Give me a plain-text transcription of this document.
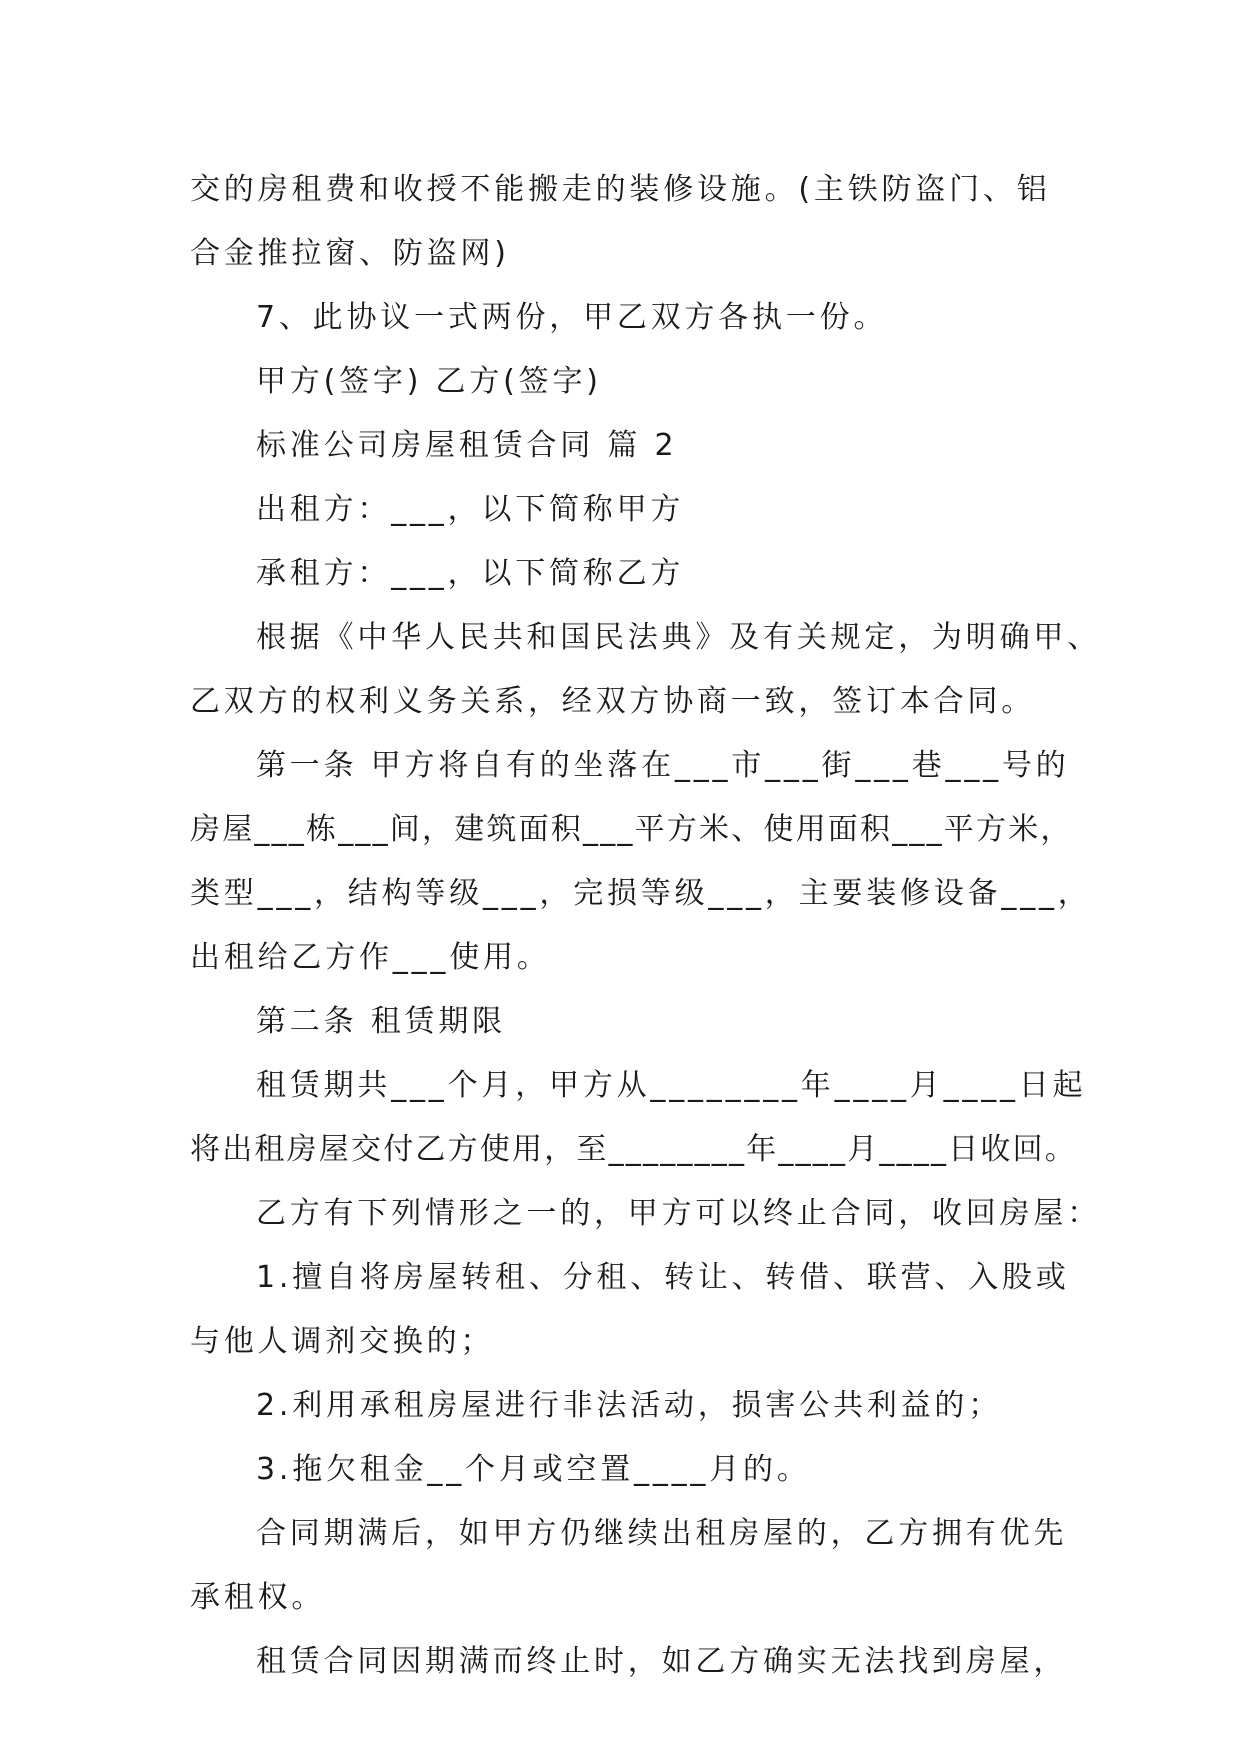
交的房租费和收授不能搬走的装修设施。(主铁防盗门、铝
合金推拉窗、防盗网)
7、此协议一式两份，甲乙双方各执一份。
甲方(签字) 乙方(签字)
标准公司房屋租赁合同 篇 2
出租方：___，以下简称甲方
承租方：___，以下简称乙方
根据《中华人民共和国民法典》及有关规定，为明确甲、
乙双方的权利义务关系，经双方协商一致，签订本合同。
第一条 甲方将自有的坐落在___市___街___巷___号的
房屋___栋___间，建筑面积___平方米、使用面积___平方米，
类型___，结构等级___，完损等级___，主要装修设备___，
出租给乙方作___使用。
第二条 租赁期限
租赁期共___个月，甲方从________年____月____日起
将出租房屋交付乙方使用，至________年____月____日收回。
乙方有下列情形之一的，甲方可以终止合同，收回房屋：
1.擅自将房屋转租、分租、转让、转借、联营、入股或
与他人调剂交换的；
2.利用承租房屋进行非法活动，损害公共利益的；
3.拖欠租金__个月或空置____月的。
合同期满后，如甲方仍继续出租房屋的，乙方拥有优先
承租权。
租赁合同因期满而终止时，如乙方确实无法找到房屋，
